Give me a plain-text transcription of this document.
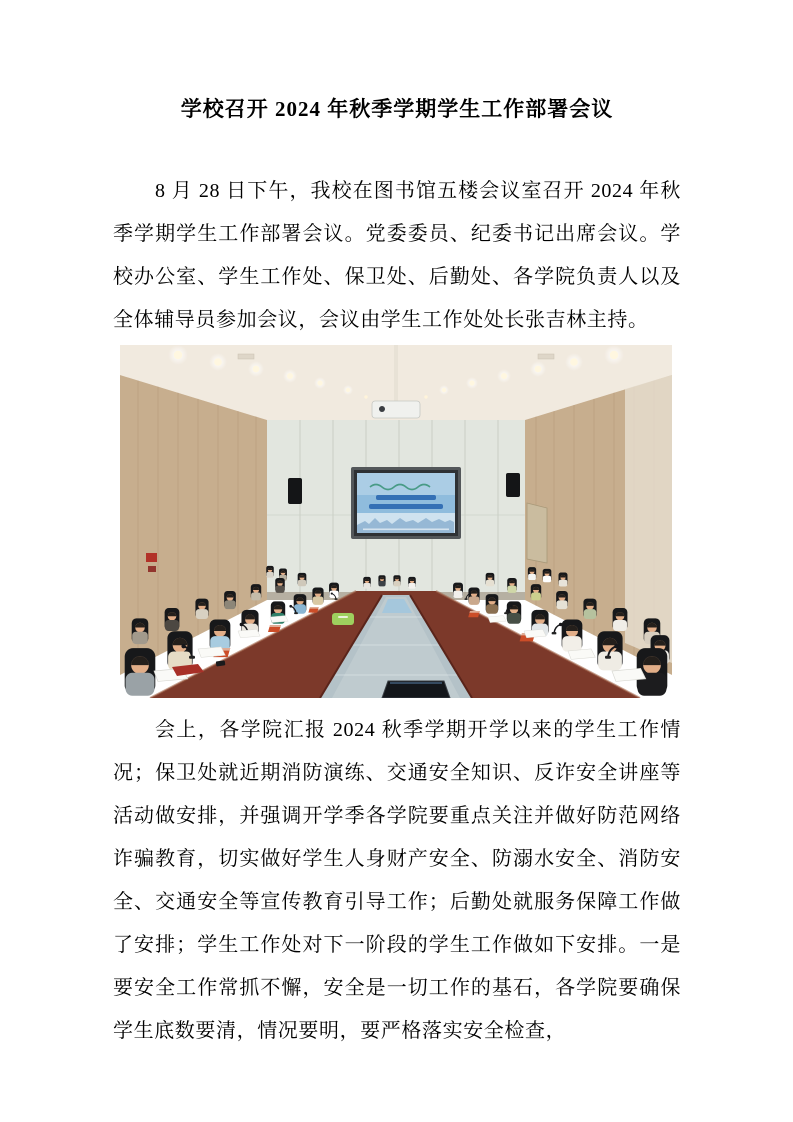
学校召开 2024 年秋季学期学生工作部署会议

8 月 28 日下午，我校在图书馆五楼会议室召开 2024 年秋季学期学生工作部署会议。党委委员、纪委书记出席会议。学校办公室、学生工作处、保卫处、后勤处、各学院负责人以及全体辅导员参加会议，会议由学生工作处处长张吉林主持。

会上，各学院汇报 2024 秋季学期开学以来的学生工作情况；保卫处就近期消防演练、交通安全知识、反诈安全讲座等活动做安排，并强调开学季各学院要重点关注并做好防范网络诈骗教育，切实做好学生人身财产安全、防溺水安全、消防安全、交通安全等宣传教育引导工作；后勤处就服务保障工作做了安排；学生工作处对下一阶段的学生工作做如下安排。一是要安全工作常抓不懈，安全是一切工作的基石，各学院要确保学生底数要清，情况要明，要严格落实安全检查，
